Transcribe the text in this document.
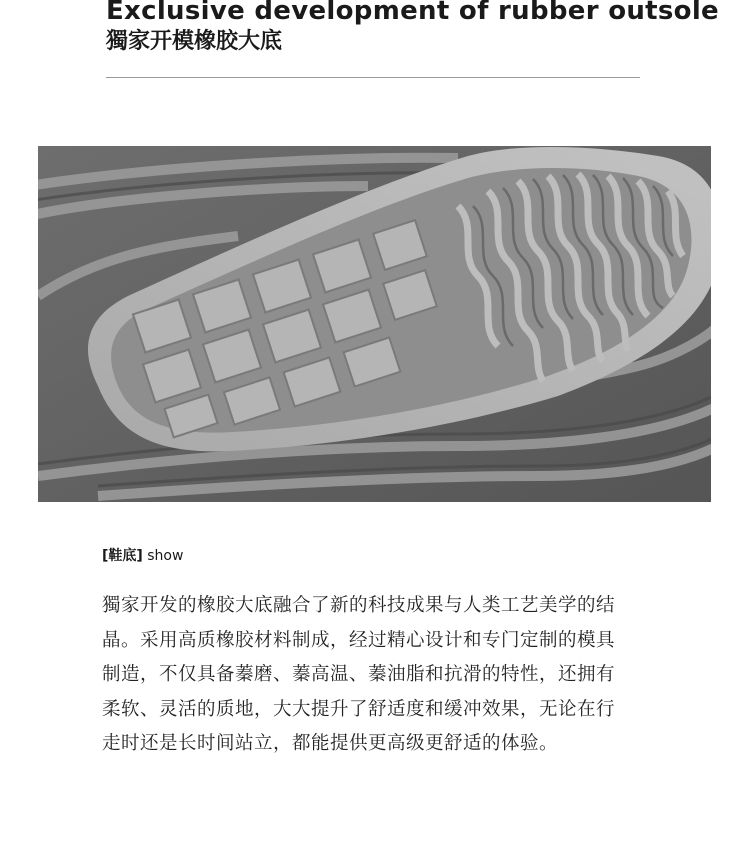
Exclusive development of rubber outsole
獨家开模橡胶大底
[鞋底] show
獨家开发的橡胶大底融合了新的科技成果与人类工艺美学的结晶。采用高质橡胶材料制成，经过精心设计和专门定制的模具制造，不仅具备蓁磨、蓁高温、蓁油脂和抗滑的特性，还拥有柔软、灵活的质地，大大提升了舒适度和缓冲效果，无论在行走时还是长时间站立，都能提供更高级更舒适的体验。
